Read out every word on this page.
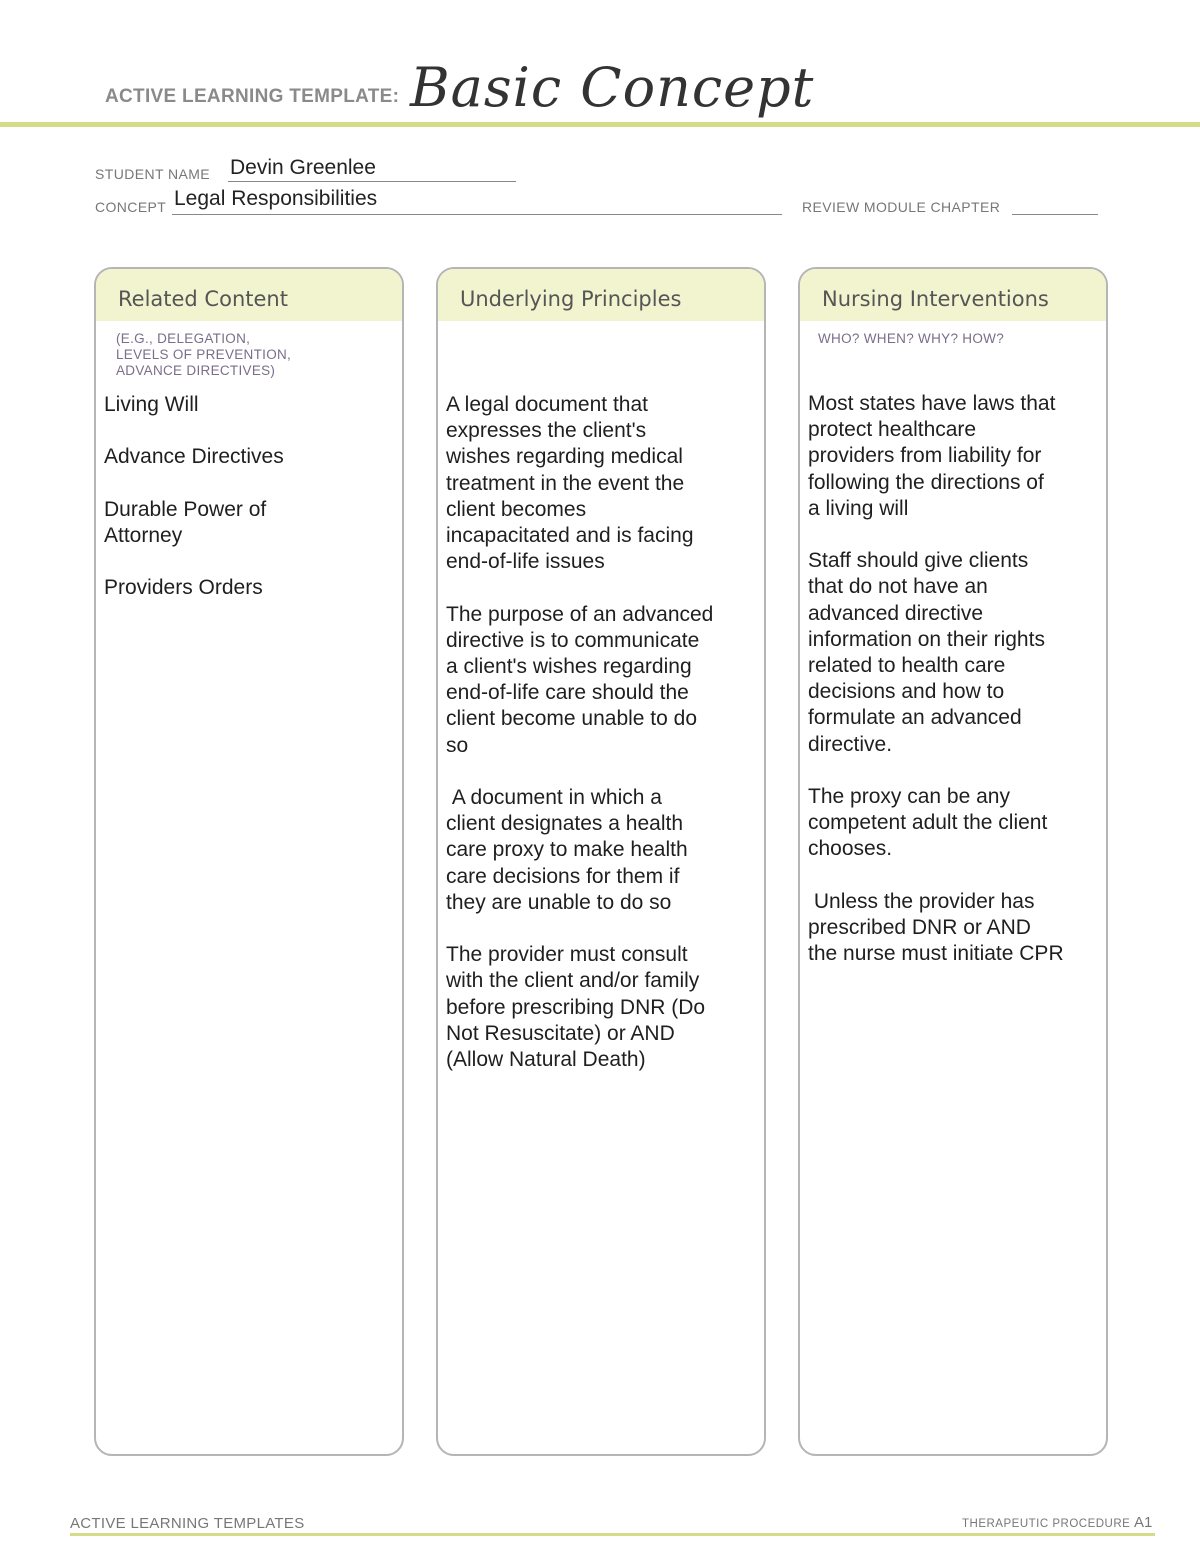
ACTIVE LEARNING TEMPLATE: Basic Concept
STUDENT NAME Devin Greenlee
CONCEPT Legal Responsibilities	REVIEW MODULE CHAPTER
Related Content
(E.G., DELEGATION,
LEVELS OF PREVENTION,
ADVANCE DIRECTIVES)
Living Will

Advance Directives

Durable Power of
Attorney

Providers Orders
Underlying Principles
A legal document that
expresses the client's
wishes regarding medical
treatment in the event the
client becomes
incapacitated and is facing
end-of-life issues

The purpose of an advanced
directive is to communicate
a client's wishes regarding
end-of-life care should the
client become unable to do
so

A document in which a
client designates a health
care proxy to make health
care decisions for them if
they are unable to do so

The provider must consult
with the client and/or family
before prescribing DNR (Do
Not Resuscitate) or AND
(Allow Natural Death)
Nursing Interventions
WHO? WHEN? WHY? HOW?
Most states have laws that
protect healthcare
providers from liability for
following the directions of
a living will

Staff should give clients
that do not have an
advanced directive
information on their rights
related to health care
decisions and how to
formulate an advanced
directive.

The proxy can be any
competent adult the client
chooses.

Unless the provider has
prescribed DNR or AND
the nurse must initiate CPR
ACTIVE LEARNING TEMPLATES	THERAPEUTIC PROCEDURE A1
